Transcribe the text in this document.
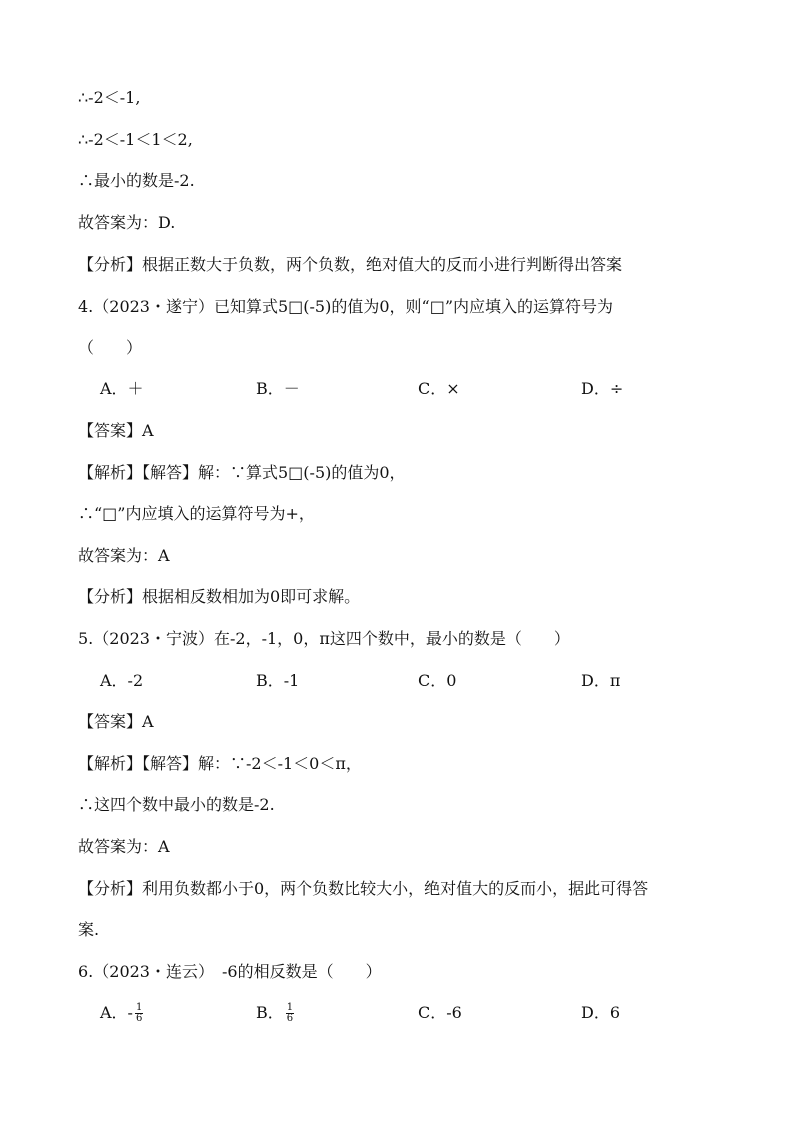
∴-2＜-1,
∴-2＜-1＜1＜2,
∴最小的数是-2.
故答案为：D.
【分析】根据正数大于负数，两个负数，绝对值大的反而小进行判断得出答案
4.（2023・遂宁）已知算式5□(-5)的值为0，则“□”内应填入的运算符号为
（　　）
A．＋	B．－	C．×	D．÷
【答案】A
【解析】【解答】解：∵算式5□(-5)的值为0，
∴“□”内应填入的运算符号为+，
故答案为：A
【分析】根据相反数相加为0即可求解。
5.（2023・宁波）在-2，-1，0，π这四个数中，最小的数是（　　）
A．-2	B．-1	C．0	D．π
【答案】A
【解析】【解答】解：∵-2＜-1＜0＜π，
∴这四个数中最小的数是-2.
故答案为：A
【分析】利用负数都小于0，两个负数比较大小，绝对值大的反而小，据此可得答
案.
6.（2023・连云）　-6的相反数是（　　）
A．- $\frac{1}{6}$	B． $\frac{1}{6}$	C．-6	D．6
